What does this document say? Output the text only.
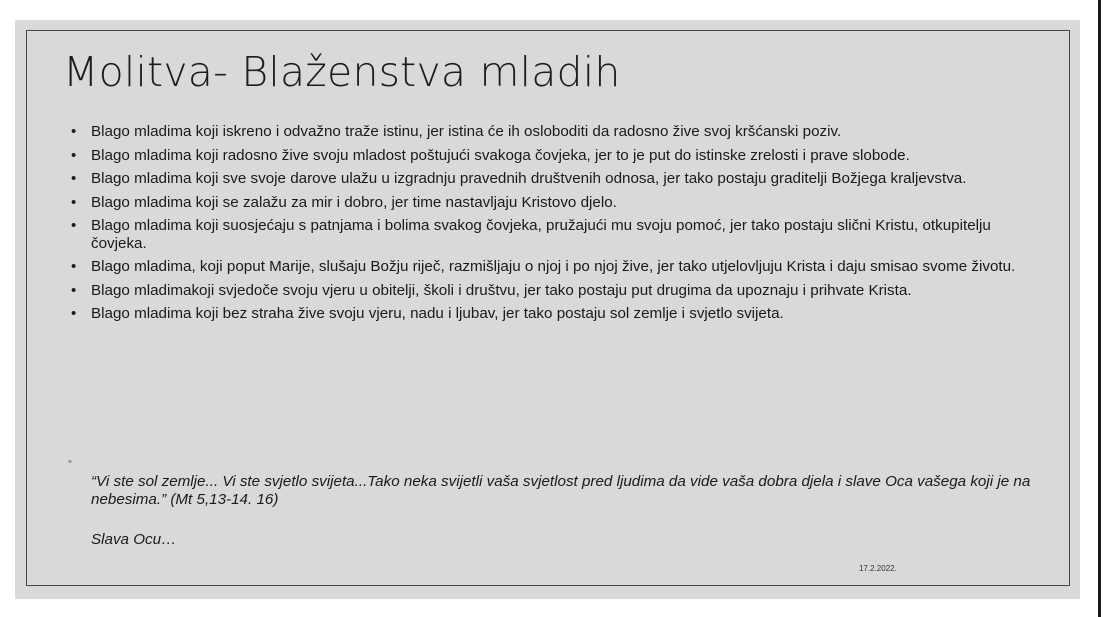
Molitva- Blaženstva mladih
• Blago mladima koji iskreno i odvažno traže istinu, jer istina će ih osloboditi da radosno žive svoj kršćanski poziv.
• Blago mladima koji radosno žive svoju mladost poštujući svakoga čovjeka, jer to je put do istinske zrelosti i prave slobode.
• Blago mladima koji sve svoje darove ulažu u izgradnju pravednih društvenih odnosa, jer tako postaju graditelji Božjega kraljevstva.
• Blago mladima koji se zalažu za mir i dobro, jer time nastavljaju Kristovo djelo.
• Blago mladima koji suosjećaju s patnjama i bolima svakog čovjeka, pružajući mu svoju pomoć, jer tako postaju slični Kristu, otkupitelju čovjeka.
• Blago mladima, koji poput Marije, slušaju Božju riječ, razmišljaju o njoj i po njoj žive, jer tako utjelovljuju Krista i daju smisao svome životu.
• Blago mladimakoji svjedoče svoju vjeru u obitelji, školi i društvu, jer tako postaju put drugima da upoznaju i prihvate Krista.
• Blago mladima koji bez straha žive svoju vjeru, nadu i ljubav, jer tako postaju sol zemlje i svjetlo svijeta.
◦

“Vi ste sol zemlje... Vi ste svjetlo svijeta...Tako neka svijetli vaša svjetlost pred ljudima da vide vaša dobra djela i slave Oca vašega koji je na nebesima.” (Mt 5,13-14. 16)

Slava Ocu…

17.2.2022.
